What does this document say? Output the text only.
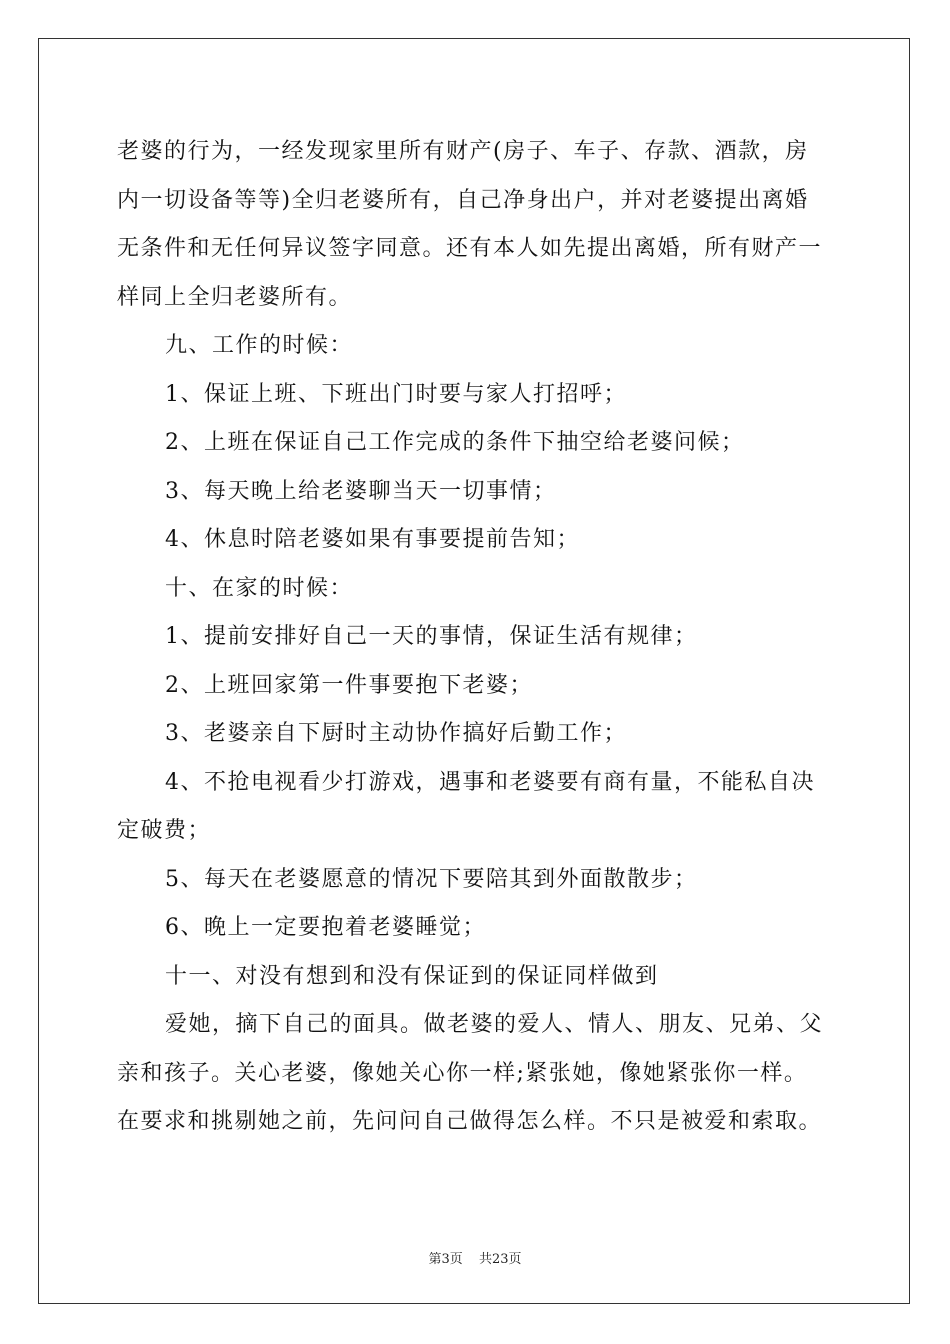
老婆的行为，一经发现家里所有财产(房子、车子、存款、酒款，房
内一切设备等等)全归老婆所有，自己净身出户，并对老婆提出离婚
无条件和无任何异议签字同意。还有本人如先提出离婚，所有财产一
样同上全归老婆所有。
九、工作的时候：
1、保证上班、下班出门时要与家人打招呼；
2、上班在保证自己工作完成的条件下抽空给老婆问候；
3、每天晚上给老婆聊当天一切事情；
4、休息时陪老婆如果有事要提前告知；
十、在家的时候：
1、提前安排好自己一天的事情，保证生活有规律；
2、上班回家第一件事要抱下老婆；
3、老婆亲自下厨时主动协作搞好后勤工作；
4、不抢电视看少打游戏，遇事和老婆要有商有量，不能私自决
定破费；
5、每天在老婆愿意的情况下要陪其到外面散散步；
6、晚上一定要抱着老婆睡觉；
十一、对没有想到和没有保证到的保证同样做到
爱她，摘下自己的面具。做老婆的爱人、情人、朋友、兄弟、父
亲和孩子。关心老婆，像她关心你一样;紧张她，像她紧张你一样。
在要求和挑剔她之前，先问问自己做得怎么样。不只是被爱和索取。
第3页 共23页
